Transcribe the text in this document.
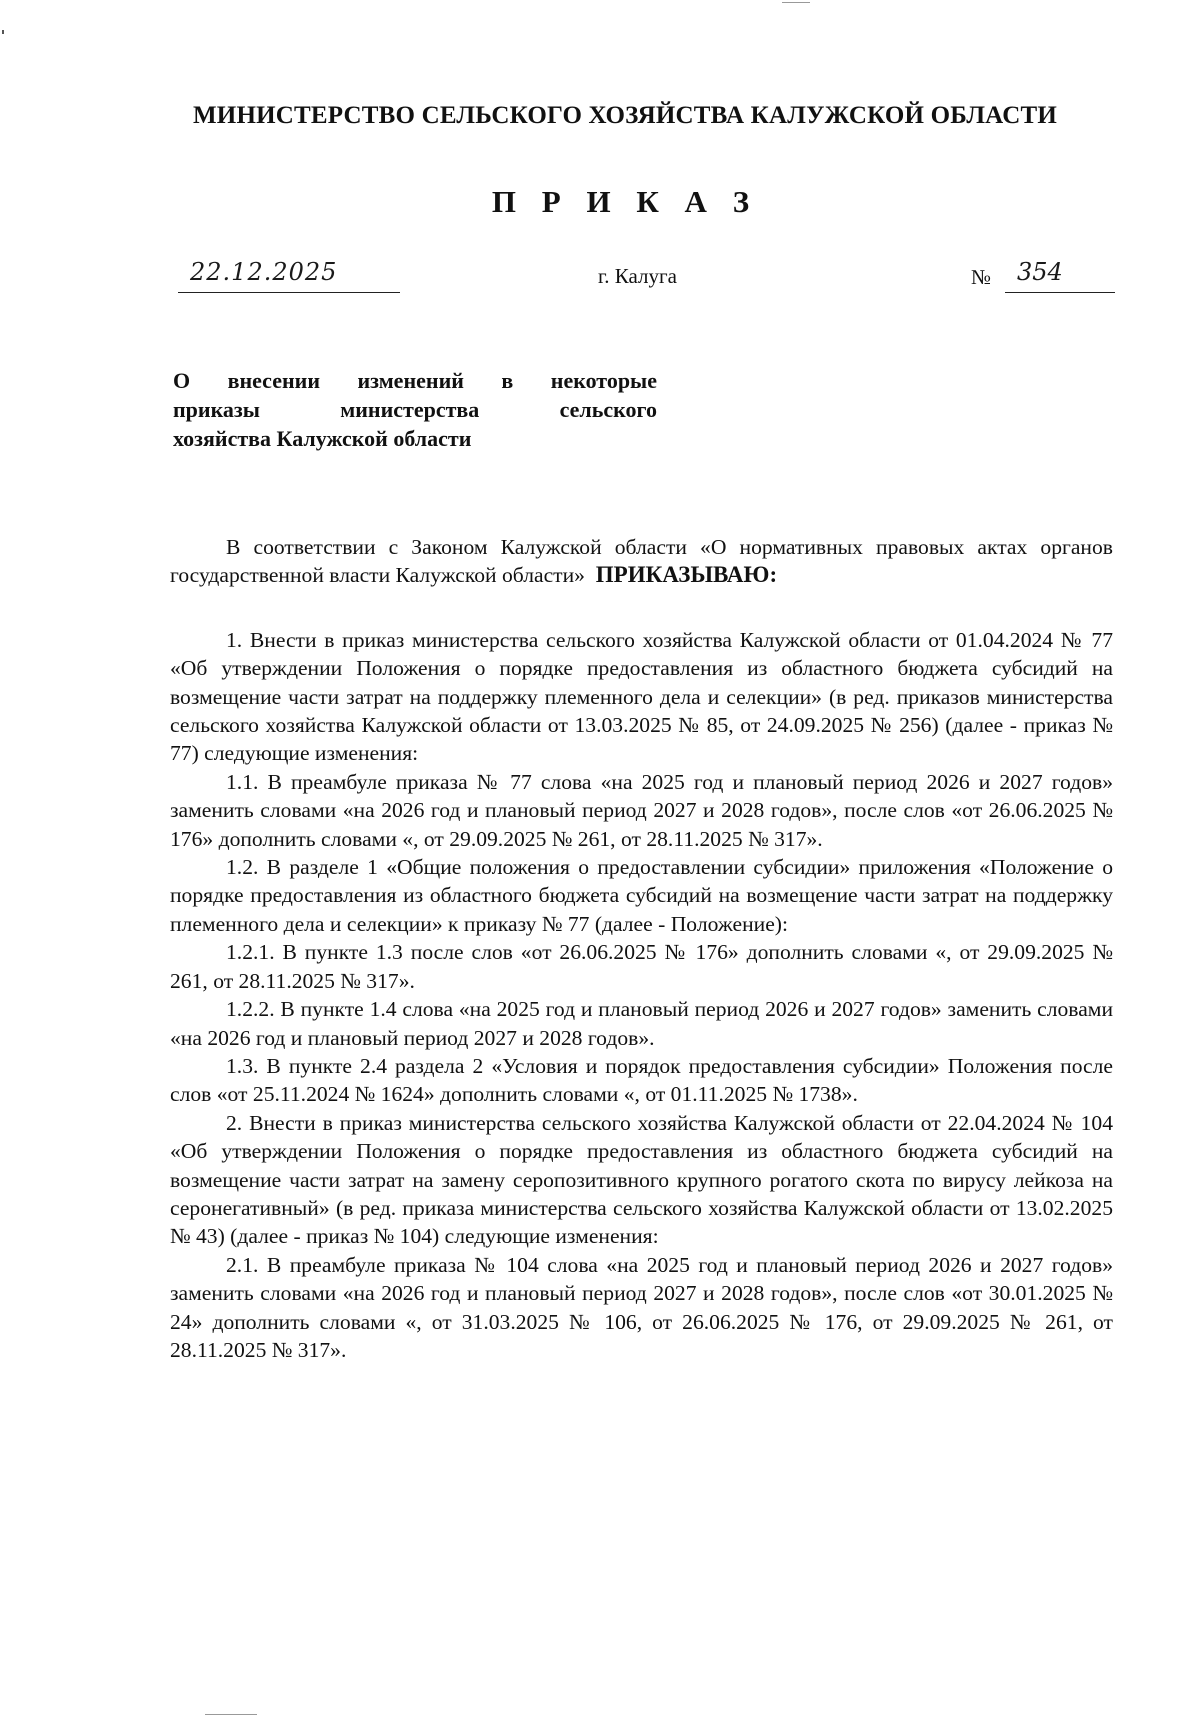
МИНИСТЕРСТВО СЕЛЬСКОГО ХОЗЯЙСТВА КАЛУЖСКОЙ ОБЛАСТИ
П Р И К А З
22.12.2025	г. Калуга	№ 354
О внесении изменений в некоторые
приказы министерства сельского
хозяйства Калужской области

В соответствии с Законом Калужской области «О нормативных правовых актах органов государственной власти Калужской области» ПРИКАЗЫВАЮ:

1. Внести в приказ министерства сельского хозяйства Калужской области от 01.04.2024 № 77 «Об утверждении Положения о порядке предоставления из областного бюджета субсидий на возмещение части затрат на поддержку племенного дела и селекции» (в ред. приказов министерства сельского хозяйства Калужской области от 13.03.2025 № 85, от 24.09.2025 № 256) (далее - приказ № 77) следующие изменения:

1.1. В преамбуле приказа № 77 слова «на 2025 год и плановый период 2026 и 2027 годов» заменить словами «на 2026 год и плановый период 2027 и 2028 годов», после слов «от 26.06.2025 № 176» дополнить словами «, от 29.09.2025 № 261, от 28.11.2025 № 317».

1.2. В разделе 1 «Общие положения о предоставлении субсидии» приложения «Положение о порядке предоставления из областного бюджета субсидий на возмещение части затрат на поддержку племенного дела и селекции» к приказу № 77 (далее - Положение):

1.2.1. В пункте 1.3 после слов «от 26.06.2025 № 176» дополнить словами «, от 29.09.2025 № 261, от 28.11.2025 № 317».

1.2.2. В пункте 1.4 слова «на 2025 год и плановый период 2026 и 2027 годов» заменить словами «на 2026 год и плановый период 2027 и 2028 годов».

1.3. В пункте 2.4 раздела 2 «Условия и порядок предоставления субсидии» Положения после слов «от 25.11.2024 № 1624» дополнить словами «, от 01.11.2025 № 1738».

2. Внести в приказ министерства сельского хозяйства Калужской области от 22.04.2024 № 104 «Об утверждении Положения о порядке предоставления из областного бюджета субсидий на возмещение части затрат на замену серопозитивного крупного рогатого скота по вирусу лейкоза на серонегативный» (в ред. приказа министерства сельского хозяйства Калужской области от 13.02.2025 № 43) (далее - приказ № 104) следующие изменения:

2.1. В преамбуле приказа № 104 слова «на 2025 год и плановый период 2026 и 2027 годов» заменить словами «на 2026 год и плановый период 2027 и 2028 годов», после слов «от 30.01.2025 № 24» дополнить словами «, от 31.03.2025 № 106, от 26.06.2025 № 176, от 29.09.2025 № 261, от 28.11.2025 № 317».
